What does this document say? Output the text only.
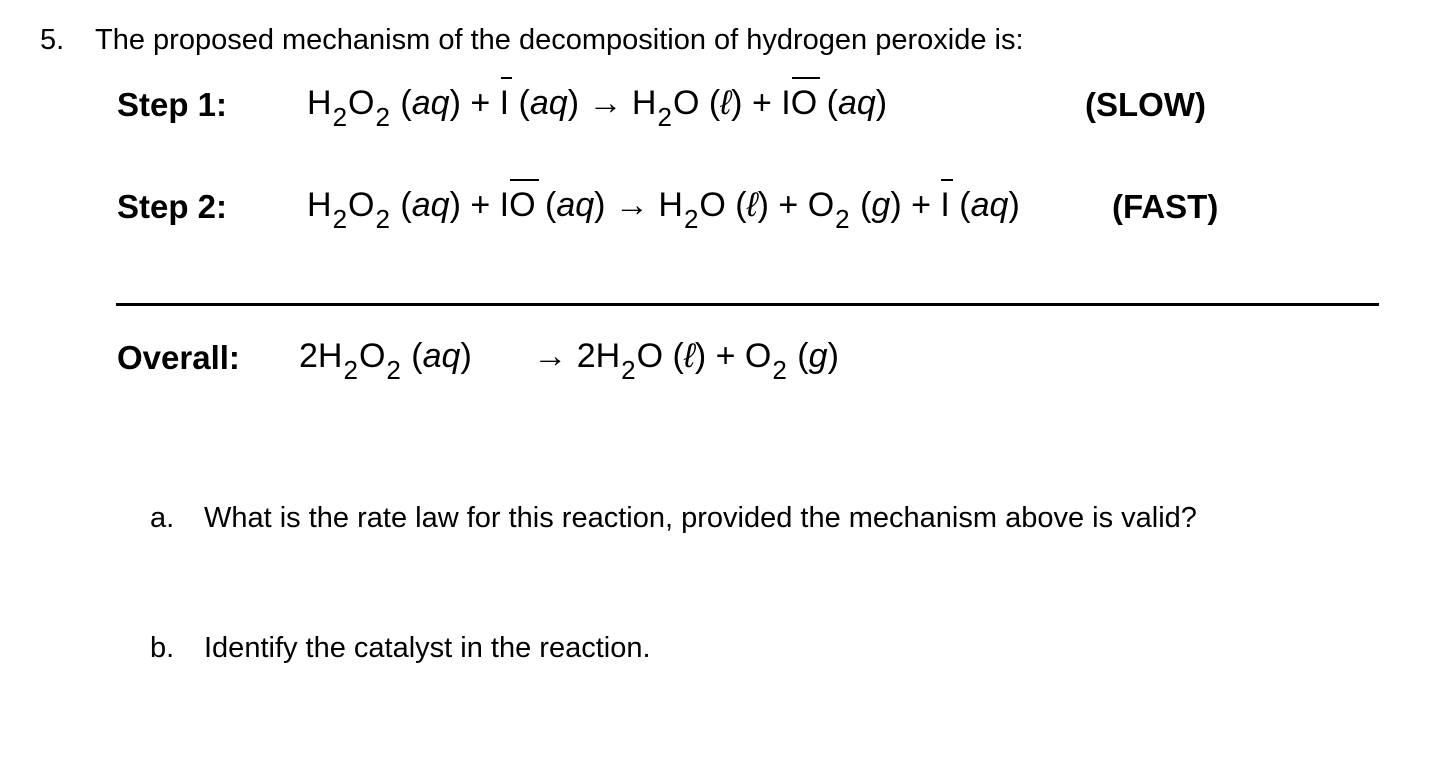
5. The proposed mechanism of the decomposition of hydrogen peroxide is:
Step 1: $H_2O_2$ (aq) + I $(aq) \to H_2O$ (ℓ) + IO (aq)	(SLOW)
Step 2: $H_2O_2$ (aq) + IO $(aq) \to H_2O$ (ℓ) + $O_2$ (g) + I (aq)	(FAST)
Overall: $2H_2O_2$ $(aq) \to 2H_2O$ (ℓ) + $O_2$ (g)
a. What is the rate law for this reaction, provided the mechanism above is valid?
b. Identify the catalyst in the reaction.
